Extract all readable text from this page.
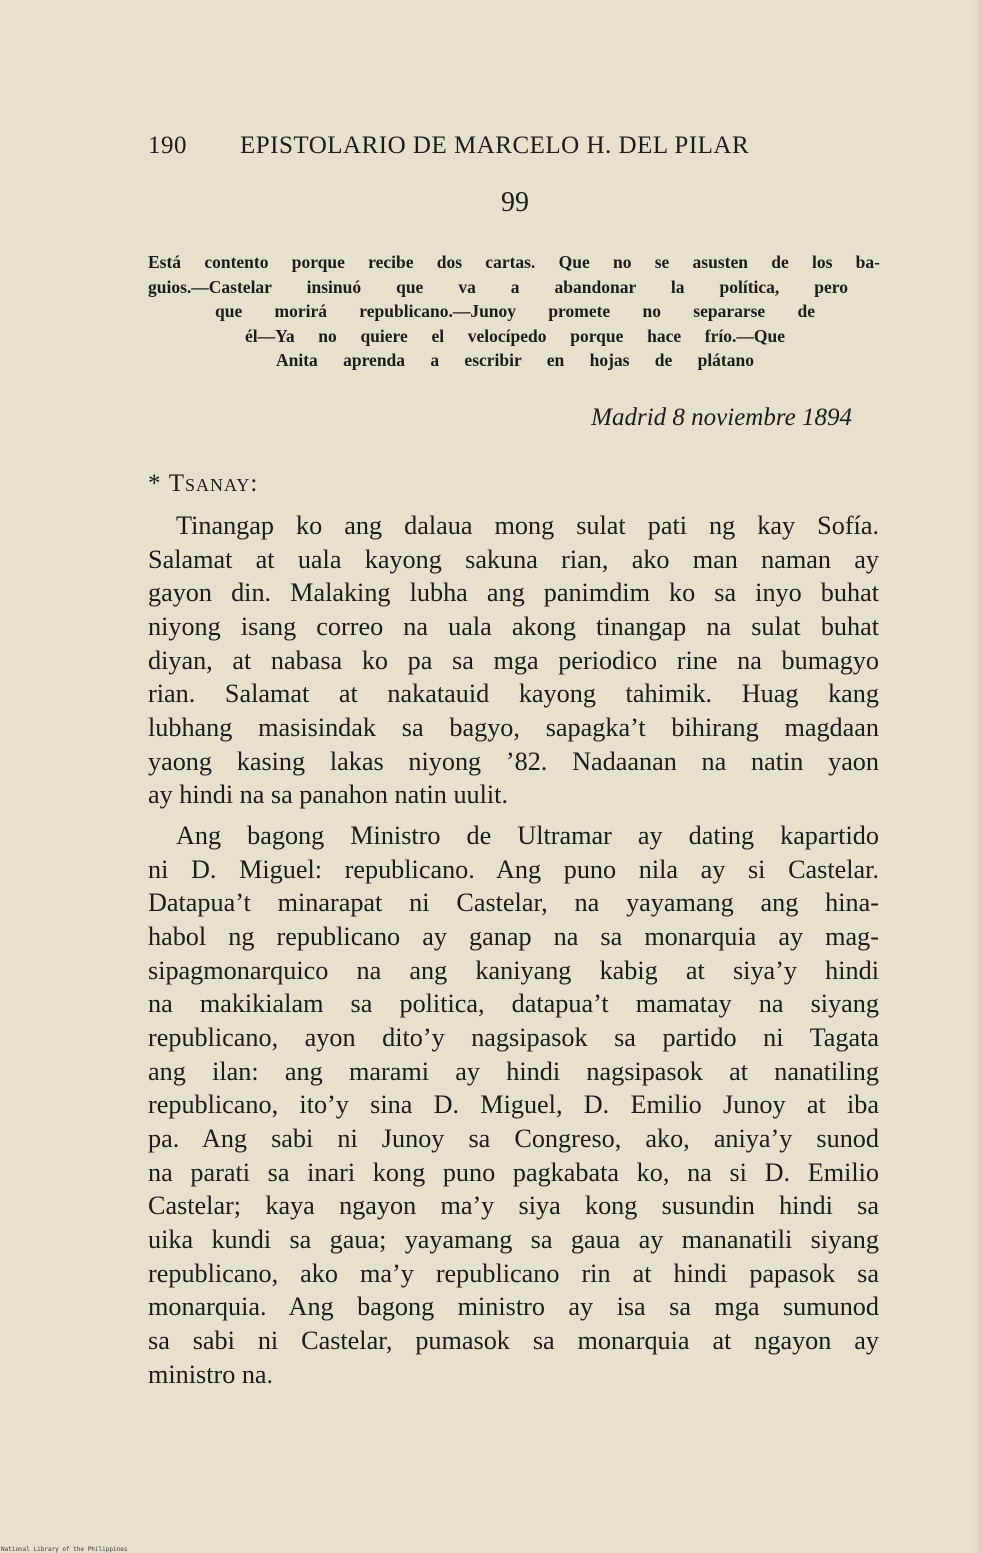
190 EPISTOLARIO DE MARCELO H. DEL PILAR
99

Está contento porque recibe dos cartas. Que no se asusten de los ba-
guios.—Castelar insinuó que va a abandonar la política, pero
que morirá republicano.—Junoy promete no separarse de
él—Ya no quiere el velocípedo porque hace frío.—Que
Anita aprenda a escribir en hojas de plátano

Madrid 8 noviembre 1894
* Tsanay:

Tinangap ko ang dalaua mong sulat pati ng kay Sofía.
Salamat at uala kayong sakuna rian, ako man naman ay
gayon din. Malaking lubha ang panimdim ko sa inyo buhat
niyong isang correo na uala akong tinangap na sulat buhat
diyan, at nabasa ko pa sa mga periodico rine na bumagyo
rian. Salamat at nakatauid kayong tahimik. Huag kang
lubhang masisindak sa bagyo, sapagka’t bihirang magdaan
yaong kasing lakas niyong ’82. Nadaanan na natin yaon
ay hindi na sa panahon natin uulit.

Ang bagong Ministro de Ultramar ay dating kapartido
ni D. Miguel: republicano. Ang puno nila ay si Castelar.
Datapua’t minarapat ni Castelar, na yayamang ang hina-
habol ng republicano ay ganap na sa monarquia ay mag-
sipagmonarquico na ang kaniyang kabig at siya’y hindi
na makikialam sa politica, datapua’t mamatay na siyang
republicano, ayon dito’y nagsipasok sa partido ni Tagata
ang ilan: ang marami ay hindi nagsipasok at nanatiling
republicano, ito’y sina D. Miguel, D. Emilio Junoy at iba
pa. Ang sabi ni Junoy sa Congreso, ako, aniya’y sunod
na parati sa inari kong puno pagkabata ko, na si D. Emilio
Castelar; kaya ngayon ma’y siya kong susundin hindi sa
uika kundi sa gaua; yayamang sa gaua ay mananatili siyang
republicano, ako ma’y republicano rin at hindi papasok sa
monarquia. Ang bagong ministro ay isa sa mga sumunod
sa sabi ni Castelar, pumasok sa monarquia at ngayon ay
ministro na.

National Library of the Philippines
